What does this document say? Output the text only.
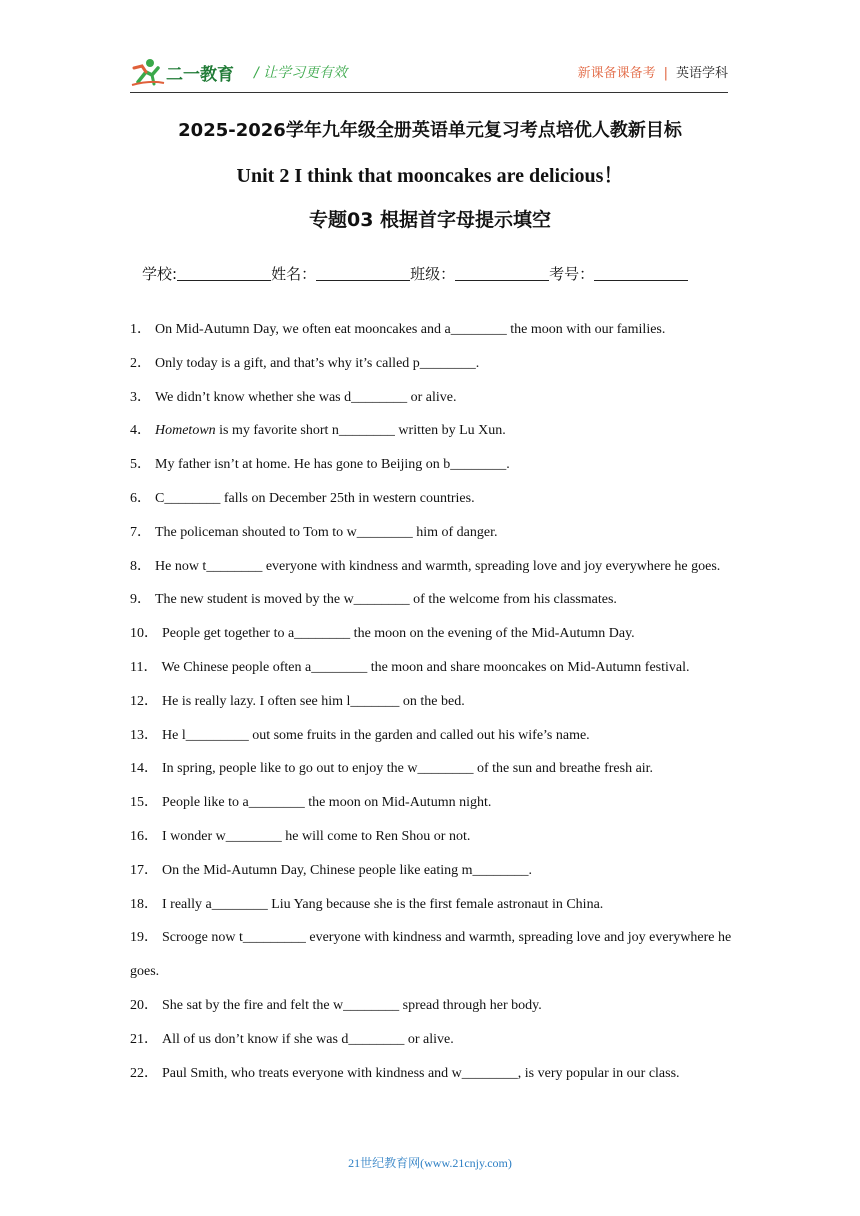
二一教育 / 让学习更有效	新课备课备考 | 英语学科
2025-2026学年九年级全册英语单元复习考点培优人教新目标
Unit 2 I think that mooncakes are delicious！
专题03 根据首字母提示填空
学校:	姓名：	班级：	考号：

1． On Mid-Autumn Day, we often eat mooncakes and a________ the moon with our families.

2． Only today is a gift, and that’s why it’s called p________.

3． We didn’t know whether she was d________ or alive.

4． Hometown is my favorite short n________ written by Lu Xun.

5． My father isn’t at home. He has gone to Beijing on b________.

6． C________ falls on December 25th in western countries.

7． The policeman shouted to Tom to w________ him of danger.

8． He now t________ everyone with kindness and warmth, spreading love and joy everywhere he goes.

9． The new student is moved by the w________ of the welcome from his classmates.

10． People get together to a________ the moon on the evening of the Mid-Autumn Day.

11． We Chinese people often a________ the moon and share mooncakes on Mid-Autumn festival.

12． He is really lazy. I often see him l_______ on the bed.

13． He l_________ out some fruits in the garden and called out his wife’s name.

14． In spring, people like to go out to enjoy the w________ of the sun and breathe fresh air.

15． People like to a________ the moon on Mid-Autumn night.

16． I wonder w________ he will come to Ren Shou or not.

17． On the Mid-Autumn Day, Chinese people like eating m________.

18． I really a________ Liu Yang because she is the first female astronaut in China.

19． Scrooge now t_________ everyone with kindness and warmth, spreading love and joy everywhere he goes.

20． She sat by the fire and felt the w________ spread through her body.

21． All of us don’t know if she was d________ or alive.

22． Paul Smith, who treats everyone with kindness and w________, is very popular in our class.

21世纪教育网(www.21cnjy.com)
